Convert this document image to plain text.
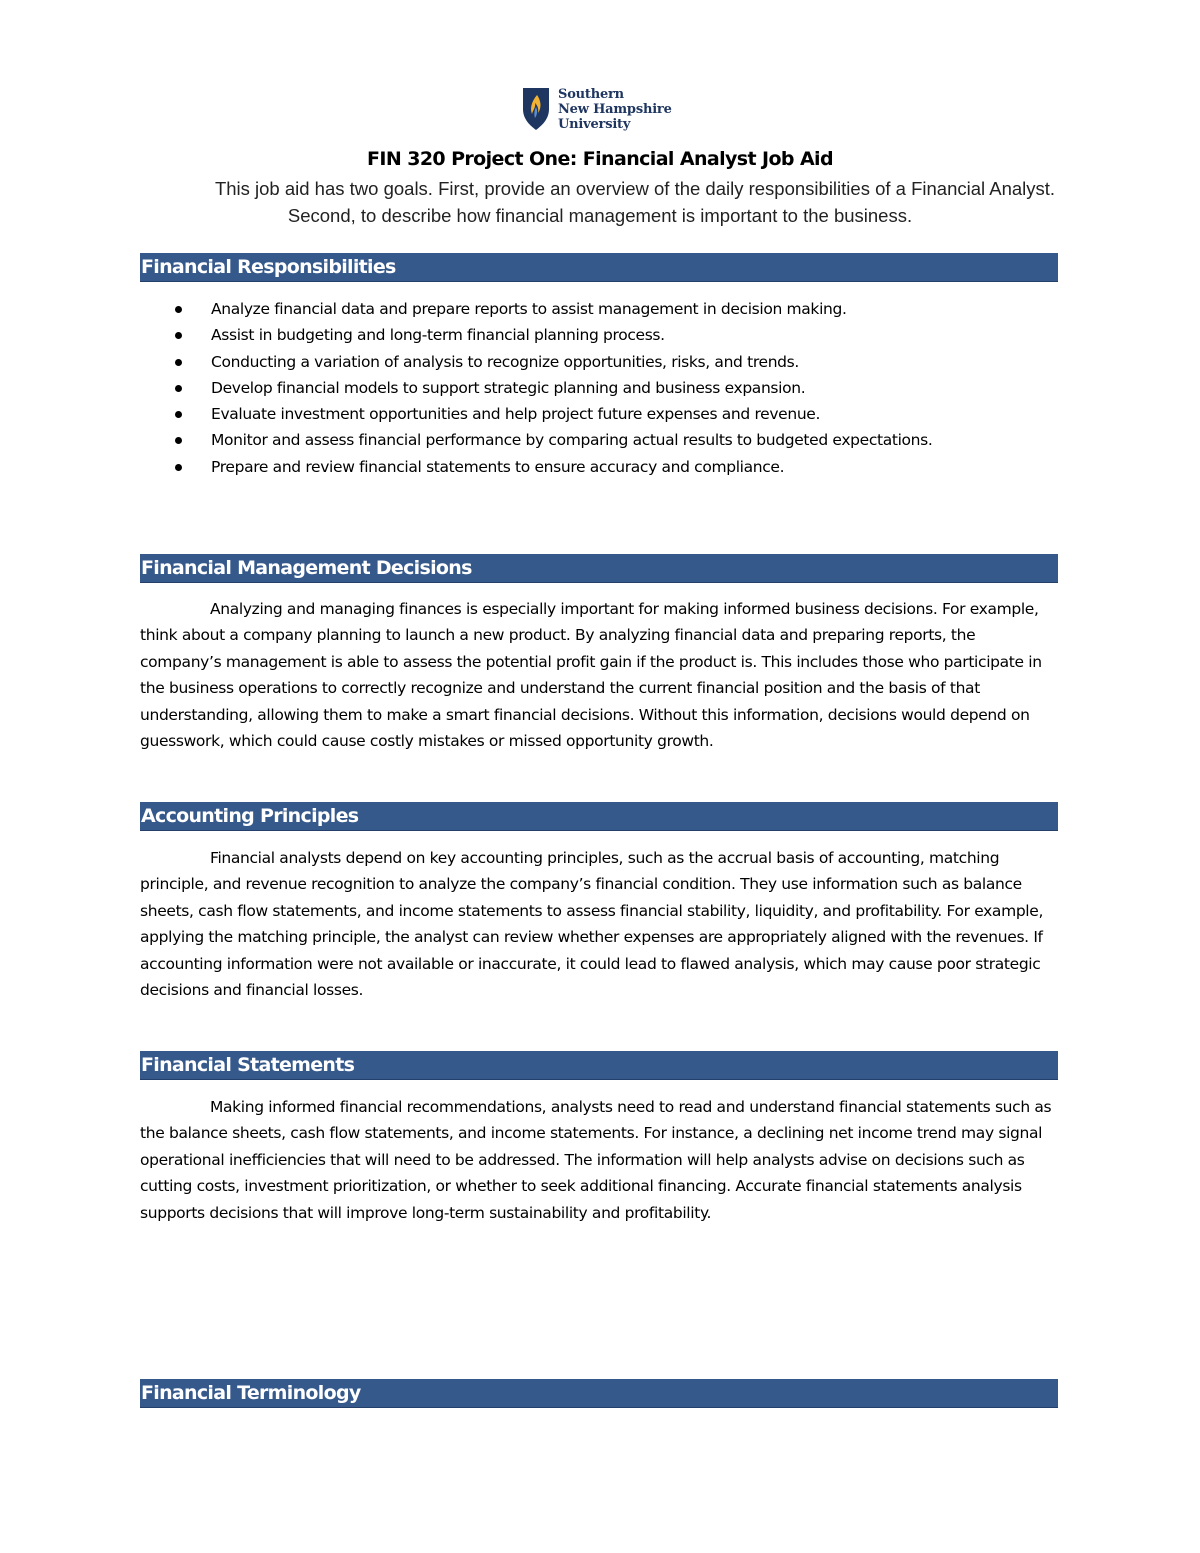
Southern
New Hampshire
University
FIN 320 Project One: Financial Analyst Job Aid
This job aid has two goals. First, provide an overview of the daily responsibilities of a Financial Analyst. Second, to describe how financial management is important to the business.
Financial Responsibilities
Analyze financial data and prepare reports to assist management in decision making.
Assist in budgeting and long-term financial planning process.
Conducting a variation of analysis to recognize opportunities, risks, and trends.
Develop financial models to support strategic planning and business expansion.
Evaluate investment opportunities and help project future expenses and revenue.
Monitor and assess financial performance by comparing actual results to budgeted expectations.
Prepare and review financial statements to ensure accuracy and compliance.
Financial Management Decisions

Analyzing and managing finances is especially important for making informed business decisions. For example, think about a company planning to launch a new product. By analyzing financial data and preparing reports, the company’s management is able to assess the potential profit gain if the product is. This includes those who participate in the business operations to correctly recognize and understand the current financial position and the basis of that understanding, allowing them to make a smart financial decisions. Without this information, decisions would depend on guesswork, which could cause costly mistakes or missed opportunity growth.

Accounting Principles

Financial analysts depend on key accounting principles, such as the accrual basis of accounting, matching principle, and revenue recognition to analyze the company’s financial condition. They use information such as balance sheets, cash flow statements, and income statements to assess financial stability, liquidity, and profitability. For example, applying the matching principle, the analyst can review whether expenses are appropriately aligned with the revenues. If accounting information were not available or inaccurate, it could lead to flawed analysis, which may cause poor strategic decisions and financial losses.

Financial Statements

Making informed financial recommendations, analysts need to read and understand financial statements such as the balance sheets, cash flow statements, and income statements. For instance, a declining net income trend may signal operational inefficiencies that will need to be addressed. The information will help analysts advise on decisions such as cutting costs, investment prioritization, or whether to seek additional financing. Accurate financial statements analysis supports decisions that will improve long-term sustainability and profitability.

Financial Terminology
